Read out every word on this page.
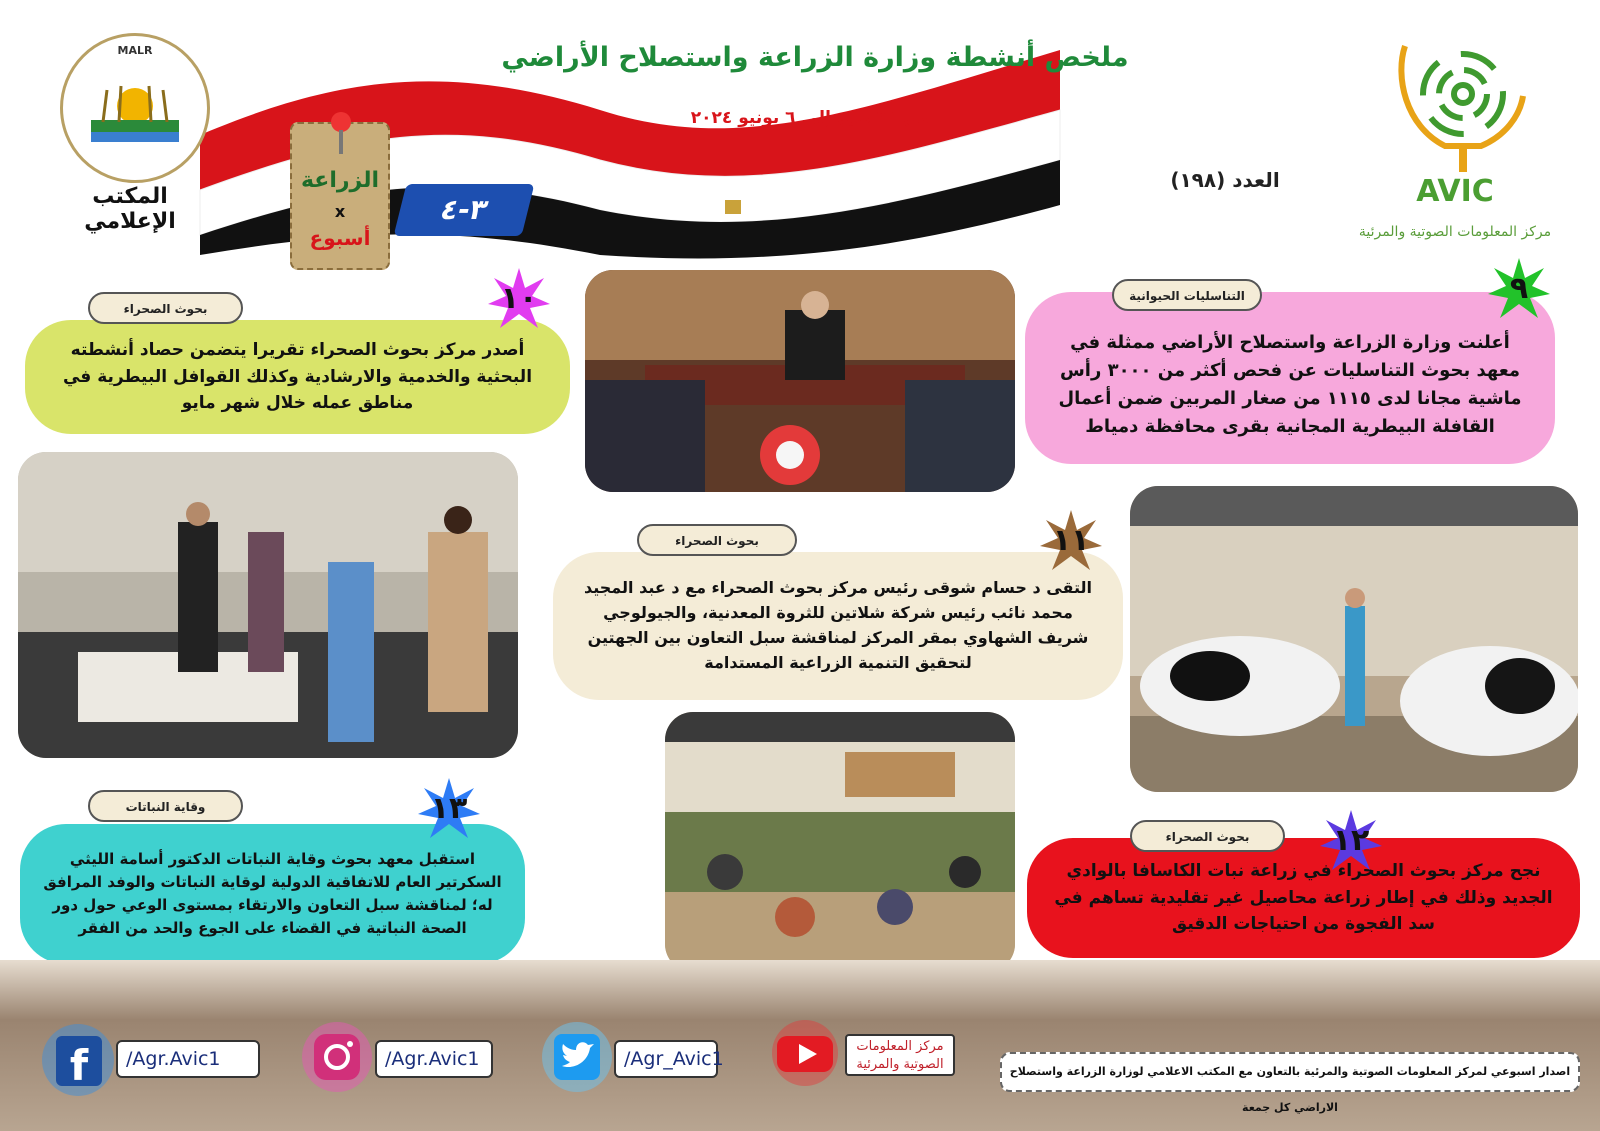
ملخص أنشطة وزارة الزراعة واستصلاح الأراضي
من ٣١ مايو إلى ٦ يونيو ٢٠٢٤
العدد (١٩٨)
MALR
المكتب الإعلامي
AVIC
مركز المعلومات الصوتية والمرئية
الزراعة
x
أسبوع
٣-٤
أعلنت وزارة الزراعة واستصلاح الأراضي ممثلة في معهد بحوث التناسليات عن فحص أكثر من ٣٠٠٠ رأس ماشية مجانا لدى ١١١٥ من صغار المربين ضمن أعمال القافلة البيطرية المجانية بقرى محافظة دمياط
التناسليات الحيوانية	٩
أصدر مركز بحوث الصحراء تقريرا يتضمن حصاد أنشطته البحثية والخدمية والارشادية وكذلك القوافل البيطرية في مناطق عمله خلال شهر مايو
بحوث الصحراء	١٠
التقى د حسام شوقى رئيس مركز بحوث الصحراء مع د عبد المجيد محمد نائب رئيس شركة شلاتين للثروة المعدنية، والجيولوجي شريف الشهاوي بمقر المركز لمناقشة سبل التعاون بين الجهتين لتحقيق التنمية الزراعية المستدامة
بحوث الصحراء	١١
نجح مركز بحوث الصحراء في زراعة نبات الكاسافا بالوادي الجديد وذلك في إطار زراعة محاصيل غير تقليدية تساهم في سد الفجوة من احتياجات الدقيق
بحوث الصحراء	١٢
استقبل معهد بحوث وقاية النباتات الدكتور أسامة الليثي السكرتير العام للاتفاقية الدولية لوقاية النباتات والوفد المرافق له؛ لمناقشة سبل التعاون والارتقاء بمستوى الوعي حول دور الصحة النباتية في القضاء على الجوع والحد من الفقر
وقاية النباتات	١٣
f	/Agr.Avic1	/Agr.Avic1	/Agr_Avic1
مركز المعلومات الصوتية والمرئية	اصدار اسبوعي لمركز المعلومات الصوتية والمرئية بالتعاون مع المكتب الاعلامي لوزارة الزراعة واستصلاح الاراضي كل جمعة
